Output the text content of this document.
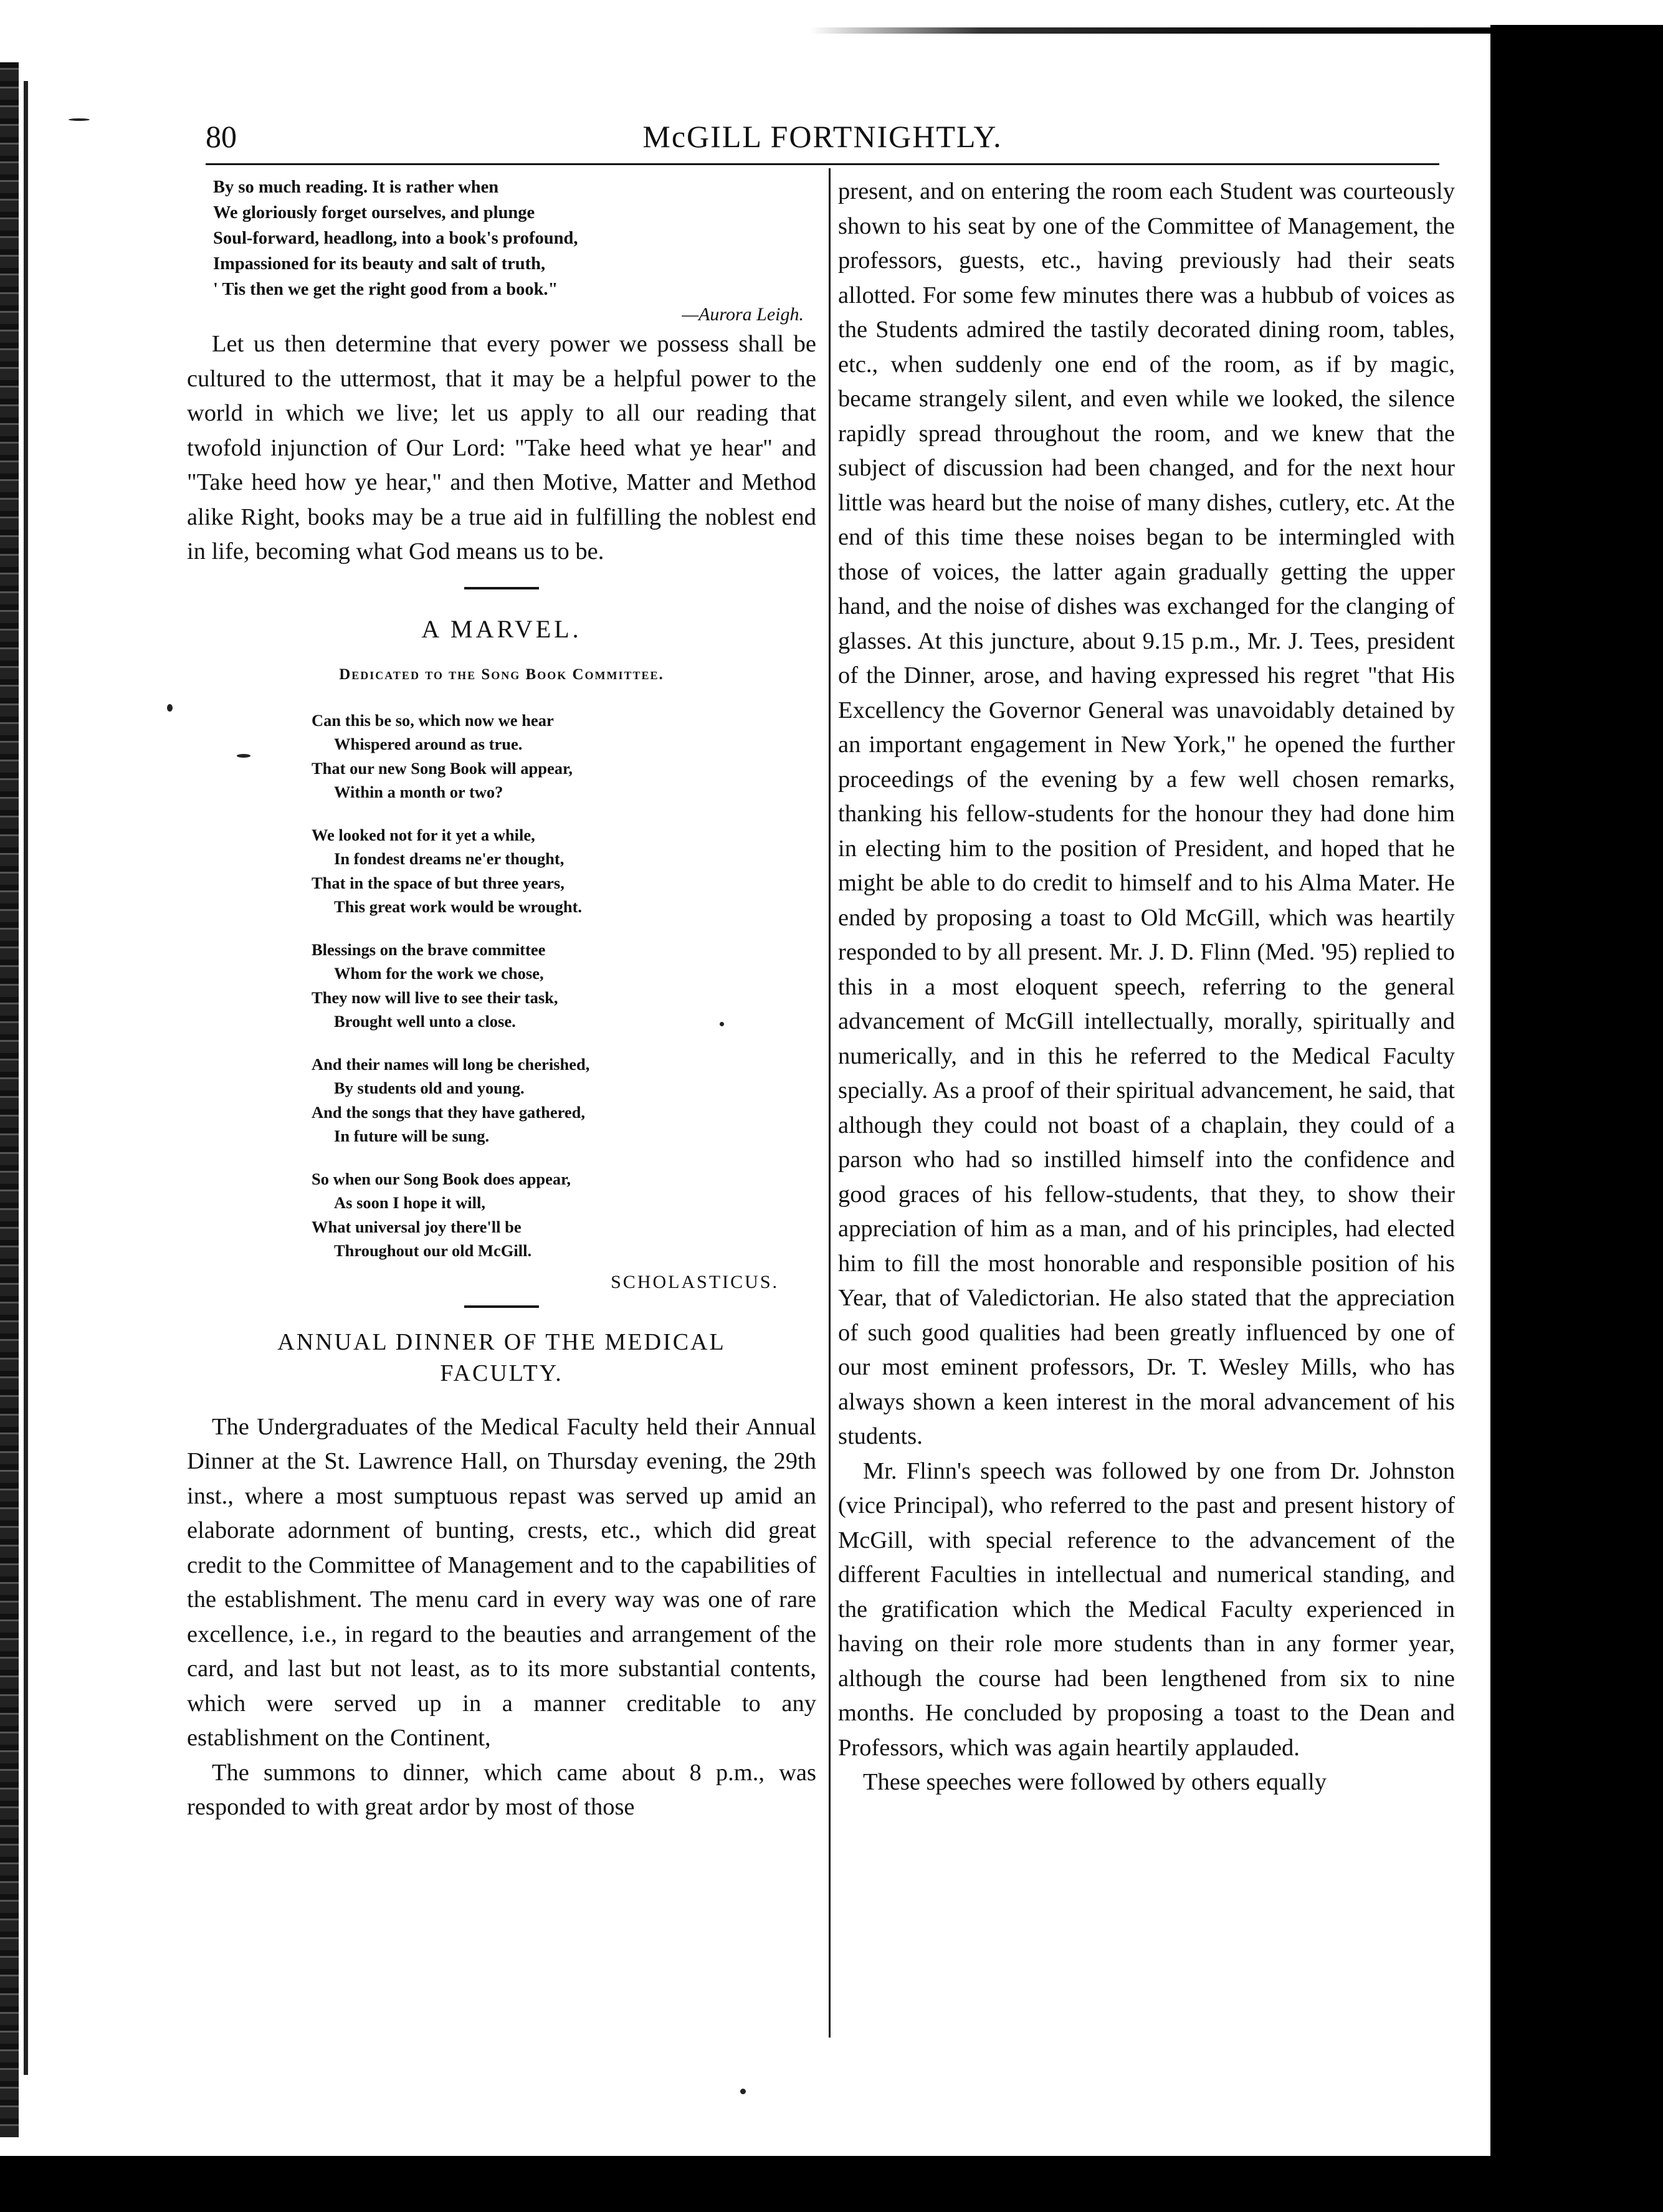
80	McGILL FORTNIGHTLY.
By so much reading. It is rather when
We gloriously forget ourselves, and plunge
Soul-forward, headlong, into a book's profound,
Impassioned for its beauty and salt of truth,
' Tis then we get the right good from a book."
—Aurora Leigh.

Let us then determine that every power we possess shall be cultured to the uttermost, that it may be a helpful power to the world in which we live; let us apply to all our reading that twofold injunction of Our Lord: "Take heed what ye hear" and "Take heed how ye hear," and then Motive, Matter and Method alike Right, books may be a true aid in fulfilling the noblest end in life, becoming what God means us to be.

A MARVEL.
Dedicated to the Song Book Committee.
Can this be so, which now we hear
Whispered around as true.
That our new Song Book will appear,
Within a month or two?
We looked not for it yet a while,
In fondest dreams ne'er thought,
That in the space of but three years,
This great work would be wrought.
Blessings on the brave committee
Whom for the work we chose,
They now will live to see their task,
Brought well unto a close.
And their names will long be cherished,
By students old and young.
And the songs that they have gathered,
In future will be sung.
So when our Song Book does appear,
As soon I hope it will,
What universal joy there'll be
Throughout our old McGill.
SCHOLASTICUS.
ANNUAL DINNER OF THE MEDICAL
FACULTY.

The Undergraduates of the Medical Faculty held their Annual Dinner at the St. Lawrence Hall, on Thursday evening, the 29th inst., where a most sumptuous repast was served up amid an elaborate adornment of bunting, crests, etc., which did great credit to the Committee of Management and to the capabilities of the establishment. The menu card in every way was one of rare excellence, i.e., in regard to the beauties and arrangement of the card, and last but not least, as to its more substantial contents, which were served up in a manner creditable to any establishment on the Continent,

The summons to dinner, which came about 8 p.m., was responded to with great ardor by most of those

present, and on entering the room each Student was courteously shown to his seat by one of the Committee of Management, the professors, guests, etc., having previously had their seats allotted. For some few minutes there was a hubbub of voices as the Students admired the tastily decorated dining room, tables, etc., when suddenly one end of the room, as if by magic, became strangely silent, and even while we looked, the silence rapidly spread throughout the room, and we knew that the subject of discussion had been changed, and for the next hour little was heard but the noise of many dishes, cutlery, etc. At the end of this time these noises began to be intermingled with those of voices, the latter again gradually getting the upper hand, and the noise of dishes was exchanged for the clanging of glasses. At this juncture, about 9.15 p.m., Mr. J. Tees, president of the Dinner, arose, and having expressed his regret "that His Excellency the Governor General was unavoidably detained by an important engagement in New York," he opened the further proceedings of the evening by a few well chosen remarks, thanking his fellow-students for the honour they had done him in electing him to the position of President, and hoped that he might be able to do credit to himself and to his Alma Mater. He ended by proposing a toast to Old McGill, which was heartily responded to by all present. Mr. J. D. Flinn (Med. '95) replied to this in a most eloquent speech, referring to the general advancement of McGill intellectually, morally, spiritually and numerically, and in this he referred to the Medical Faculty specially. As a proof of their spiritual advancement, he said, that although they could not boast of a chaplain, they could of a parson who had so instilled himself into the confidence and good graces of his fellow-students, that they, to show their appreciation of him as a man, and of his principles, had elected him to fill the most honorable and responsible position of his Year, that of Valedictorian. He also stated that the appreciation of such good qualities had been greatly influenced by one of our most eminent professors, Dr. T. Wesley Mills, who has always shown a keen interest in the moral advancement of his students.

Mr. Flinn's speech was followed by one from Dr. Johnston (vice Principal), who referred to the past and present history of McGill, with special reference to the advancement of the different Faculties in intellectual and numerical standing, and the gratification which the Medical Faculty experienced in having on their role more students than in any former year, although the course had been lengthened from six to nine months. He concluded by proposing a toast to the Dean and Professors, which was again heartily applauded.

These speeches were followed by others equally
